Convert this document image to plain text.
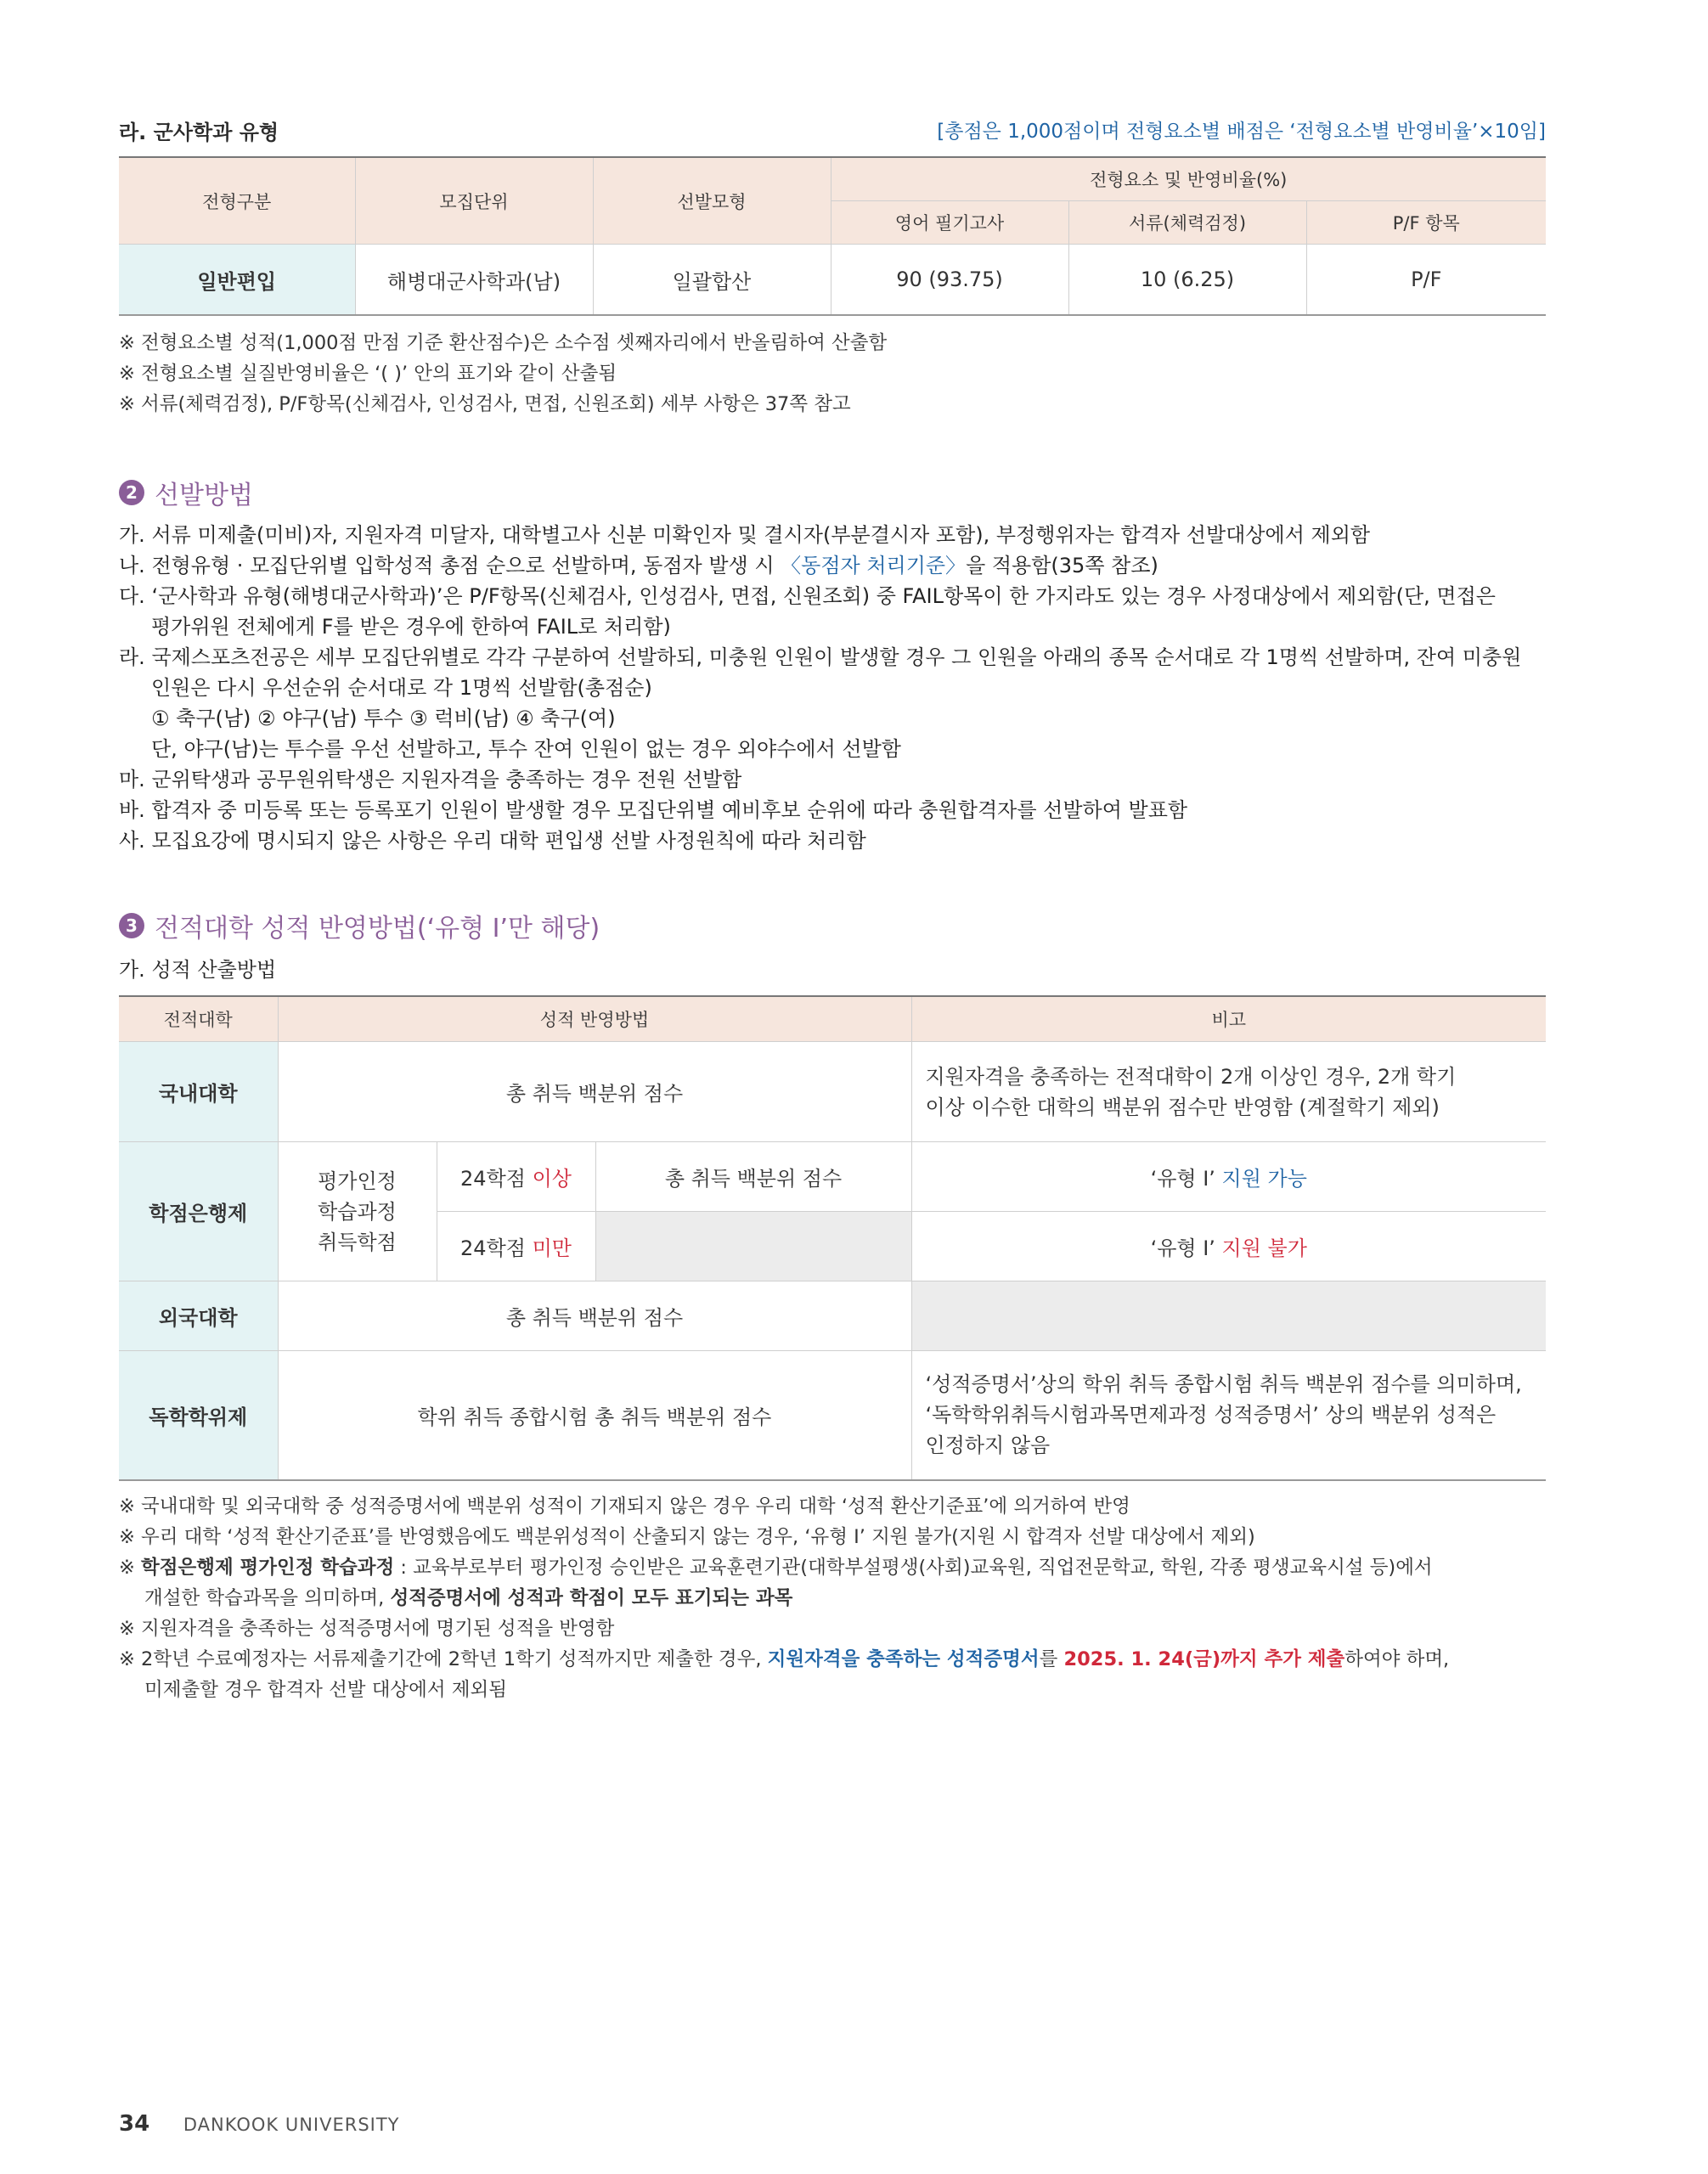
라. 군사학과 유형	[총점은 1,000점이며 전형요소별 배점은 ‘전형요소별 반영비율’×10임]
전형구분	모집단위	선발모형	전형요소 및 반영비율(%)		
			영어 필기고사	서류(체력검정)	P/F 항목
일반편입	해병대군사학과(남)	일괄합산	90 (93.75)	10 (6.25)	P/F
※ 전형요소별 성적(1,000점 만점 기준 환산점수)은 소수점 셋째자리에서 반올림하여 산출함
※ 전형요소별 실질반영비율은 ‘( )’ 안의 표기와 같이 산출됨
※ 서류(체력검정), P/F항목(신체검사, 인성검사, 면접, 신원조회) 세부 사항은 37쪽 참고
2 선발방법
가. 서류 미제출(미비)자, 지원자격 미달자, 대학별고사 신분 미확인자 및 결시자(부분결시자 포함), 부정행위자는 합격자 선발대상에서 제외함
나. 전형유형 · 모집단위별 입학성적 총점 순으로 선발하며, 동점자 발생 시 〈동점자 처리기준〉을 적용함(35쪽 참조)
다. ‘군사학과 유형(해병대군사학과)’은 P/F항목(신체검사, 인성검사, 면접, 신원조회) 중 FAIL항목이 한 가지라도 있는 경우 사정대상에서 제외함(단, 면접은
평가위원 전체에게 F를 받은 경우에 한하여 FAIL로 처리함)
라. 국제스포츠전공은 세부 모집단위별로 각각 구분하여 선발하되, 미충원 인원이 발생할 경우 그 인원을 아래의 종목 순서대로 각 1명씩 선발하며, 잔여 미충원
인원은 다시 우선순위 순서대로 각 1명씩 선발함(총점순)
① 축구(남) ② 야구(남) 투수 ③ 럭비(남) ④ 축구(여)
단, 야구(남)는 투수를 우선 선발하고, 투수 잔여 인원이 없는 경우 외야수에서 선발함
마. 군위탁생과 공무원위탁생은 지원자격을 충족하는 경우 전원 선발함
바. 합격자 중 미등록 또는 등록포기 인원이 발생할 경우 모집단위별 예비후보 순위에 따라 충원합격자를 선발하여 발표함
사. 모집요강에 명시되지 않은 사항은 우리 대학 편입생 선발 사정원칙에 따라 처리함
3 전적대학 성적 반영방법(‘유형 I’만 해당)
가. 성적 산출방법
전적대학	성적 반영방법			비고
국내대학	총 취득 백분위 점수			지원자격을 충족하는 전적대학이 2개 이상인 경우, 2개 학기
이상 이수한 대학의 백분위 점수만 반영함 (계절학기 제외)

학점은행제	평가인정
학습과정
취득학점	24학점 이상	총 취득 백분위 점수	‘유형 I’ 지원 가능
		24학점 미만		‘유형 I’ 지원 불가
외국대학	총 취득 백분위 점수			
독학학위제	학위 취득 종합시험 총 취득 백분위 점수			‘성적증명서’상의 학위 취득 종합시험 취득 백분위 점수를 의미하며,
‘독학학위취득시험과목면제과정 성적증명서’ 상의 백분위 성적은
인정하지 않음
※ 국내대학 및 외국대학 중 성적증명서에 백분위 성적이 기재되지 않은 경우 우리 대학 ‘성적 환산기준표’에 의거하여 반영
※ 우리 대학 ‘성적 환산기준표’를 반영했음에도 백분위성적이 산출되지 않는 경우, ‘유형 I’ 지원 불가(지원 시 합격자 선발 대상에서 제외)
※ 학점은행제 평가인정 학습과정 : 교육부로부터 평가인정 승인받은 교육훈련기관(대학부설평생(사회)교육원, 직업전문학교, 학원, 각종 평생교육시설 등)에서
개설한 학습과목을 의미하며, 성적증명서에 성적과 학점이 모두 표기되는 과목
※ 지원자격을 충족하는 성적증명서에 명기된 성적을 반영함
※ 2학년 수료예정자는 서류제출기간에 2학년 1학기 성적까지만 제출한 경우, 지원자격을 충족하는 성적증명서를 2025. 1. 24(금)까지 추가 제출하여야 하며,
미제출할 경우 합격자 선발 대상에서 제외됨
34 DANKOOK UNIVERSITY
